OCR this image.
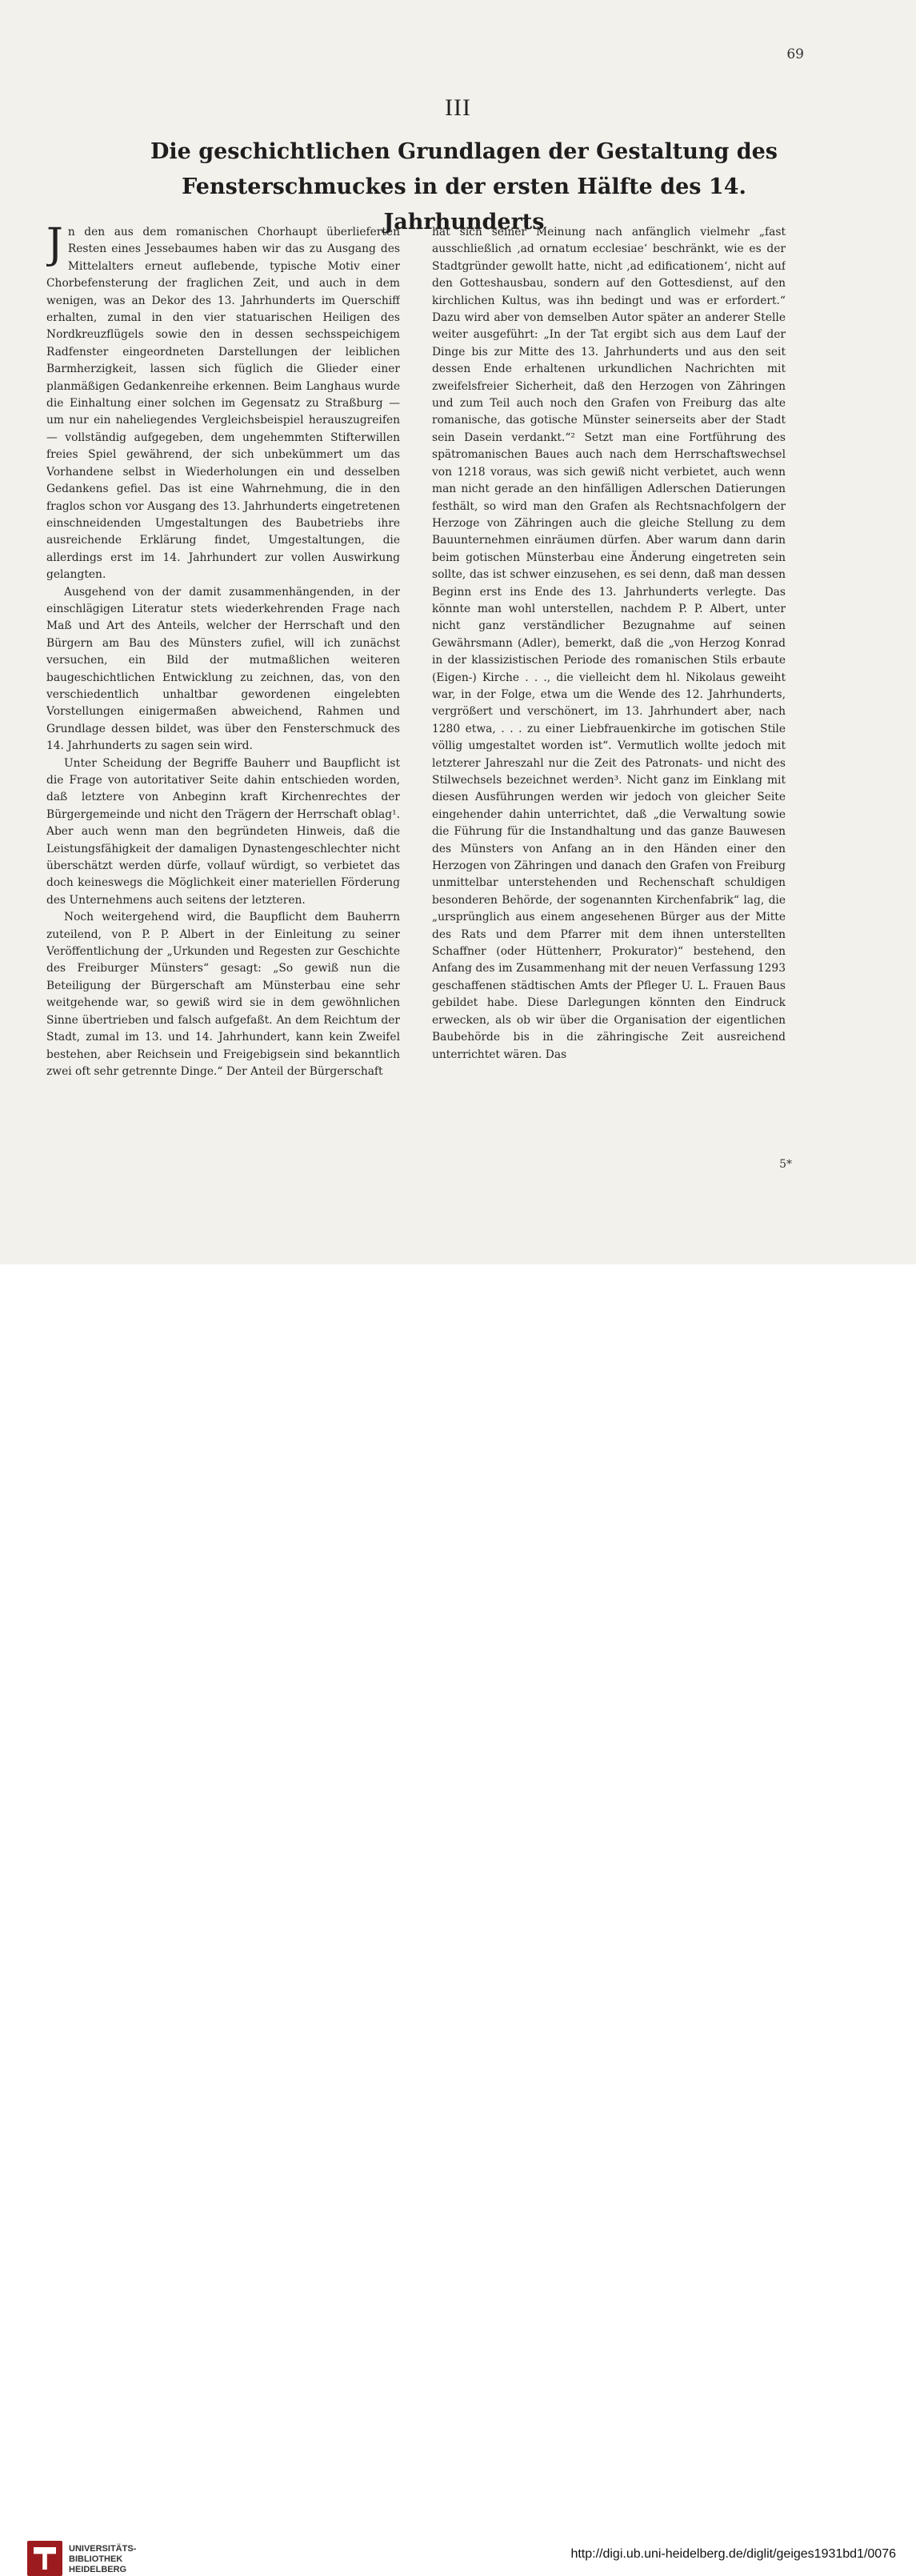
69
III
Die geschichtlichen Grundlagen der Gestaltung des Fensterschmuckes in der ersten Hälfte des 14. Jahrhunderts

Jn den aus dem romanischen Chorhaupt überlieferten Resten eines Jessebaumes haben wir das zu Ausgang des Mittelalters erneut auflebende, typische Motiv einer Chorbefensterung der fraglichen Zeit, und auch in dem wenigen, was an Dekor des 13. Jahrhunderts im Querschiff erhalten, zumal in den vier statuarischen Heiligen des Nordkreuzflügels sowie den in dessen sechsspeichigem Radfenster eingeordneten Darstellungen der leiblichen Barmherzigkeit, lassen sich füglich die Glieder einer planmäßigen Gedankenreihe erkennen. Beim Langhaus wurde die Einhaltung einer solchen im Gegensatz zu Straßburg — um nur ein naheliegendes Vergleichsbeispiel herauszugreifen — vollständig aufgegeben, dem ungehemmten Stifterwillen freies Spiel gewährend, der sich unbekümmert um das Vorhandene selbst in Wiederholungen ein und desselben Gedankens gefiel. Das ist eine Wahrnehmung, die in den fraglos schon vor Ausgang des 13. Jahrhunderts eingetretenen einschneidenden Umgestaltungen des Baubetriebs ihre ausreichende Erklärung findet, Umgestaltungen, die allerdings erst im 14. Jahrhundert zur vollen Auswirkung gelangten.

Ausgehend von der damit zusammenhängenden, in der einschlägigen Literatur stets wiederkehrenden Frage nach Maß und Art des Anteils, welcher der Herrschaft und den Bürgern am Bau des Münsters zufiel, will ich zunächst versuchen, ein Bild der mutmaßlichen weiteren baugeschichtlichen Entwicklung zu zeichnen, das, von den verschiedentlich unhaltbar gewordenen eingelebten Vorstellungen einigermaßen abweichend, Rahmen und Grundlage dessen bildet, was über den Fensterschmuck des 14. Jahrhunderts zu sagen sein wird.

Unter Scheidung der Begriffe Bauherr und Baupflicht ist die Frage von autoritativer Seite dahin entschieden worden, daß letztere von Anbeginn kraft Kirchenrechtes der Bürgergemeinde und nicht den Trägern der Herrschaft oblag¹. Aber auch wenn man den begründeten Hinweis, daß die Leistungsfähigkeit der damaligen Dynastengeschlechter nicht überschätzt werden dürfe, vollauf würdigt, so verbietet das doch keineswegs die Möglichkeit einer materiellen Förderung des Unternehmens auch seitens der letzteren.

Noch weitergehend wird, die Baupflicht dem Bauherrn zuteilend, von P. P. Albert in der Einleitung zu seiner Veröffentlichung der „Urkunden und Regesten zur Geschichte des Freiburger Münsters“ gesagt: „So gewiß nun die Beteiligung der Bürgerschaft am Münsterbau eine sehr weitgehende war, so gewiß wird sie in dem gewöhnlichen Sinne übertrieben und falsch aufgefaßt. An dem Reichtum der Stadt, zumal im 13. und 14. Jahrhundert, kann kein Zweifel bestehen, aber Reichsein und Freigebigsein sind bekanntlich zwei oft sehr getrennte Dinge.“ Der Anteil der Bürgerschaft

hat sich seiner Meinung nach anfänglich vielmehr „fast ausschließlich ‚ad ornatum ecclesiae‘ beschränkt, wie es der Stadtgründer gewollt hatte, nicht ‚ad edificationem‘, nicht auf den Gotteshausbau, sondern auf den Gottesdienst, auf den kirchlichen Kultus, was ihn bedingt und was er erfordert.“ Dazu wird aber von demselben Autor später an anderer Stelle weiter ausgeführt: „In der Tat ergibt sich aus dem Lauf der Dinge bis zur Mitte des 13. Jahrhunderts und aus den seit dessen Ende erhaltenen urkundlichen Nachrichten mit zweifelsfreier Sicherheit, daß den Herzogen von Zähringen und zum Teil auch noch den Grafen von Freiburg das alte romanische, das gotische Münster seinerseits aber der Stadt sein Dasein verdankt.“² Setzt man eine Fortführung des spätromanischen Baues auch nach dem Herrschaftswechsel von 1218 voraus, was sich gewiß nicht verbietet, auch wenn man nicht gerade an den hinfälligen Adlerschen Datierungen festhält, so wird man den Grafen als Rechtsnachfolgern der Herzoge von Zähringen auch die gleiche Stellung zu dem Bauunternehmen einräumen dürfen. Aber warum dann darin beim gotischen Münsterbau eine Änderung eingetreten sein sollte, das ist schwer einzusehen, es sei denn, daß man dessen Beginn erst ins Ende des 13. Jahrhunderts verlegte. Das könnte man wohl unterstellen, nachdem P. P. Albert, unter nicht ganz verständlicher Bezugnahme auf seinen Gewährsmann (Adler), bemerkt, daß die „von Herzog Konrad in der klassizistischen Periode des romanischen Stils erbaute (Eigen-) Kirche . . ., die vielleicht dem hl. Nikolaus geweiht war, in der Folge, etwa um die Wende des 12. Jahrhunderts, vergrößert und verschönert, im 13. Jahrhundert aber, nach 1280 etwa, . . . zu einer Liebfrauenkirche im gotischen Stile völlig umgestaltet worden ist“. Vermutlich wollte jedoch mit letzterer Jahreszahl nur die Zeit des Patronats- und nicht des Stilwechsels bezeichnet werden³. Nicht ganz im Einklang mit diesen Ausführungen werden wir jedoch von gleicher Seite eingehender dahin unterrichtet, daß „die Verwaltung sowie die Führung für die Instandhaltung und das ganze Bauwesen des Münsters von Anfang an in den Händen einer den Herzogen von Zähringen und danach den Grafen von Freiburg unmittelbar unterstehenden und Rechenschaft schuldigen besonderen Behörde, der sogenannten Kirchenfabrik“ lag, die „ursprünglich aus einem angesehenen Bürger aus der Mitte des Rats und dem Pfarrer mit dem ihnen unterstellten Schaffner (oder Hüttenherr, Prokurator)“ bestehend, den Anfang des im Zusammenhang mit der neuen Verfassung 1293 geschaffenen städtischen Amts der Pfleger U. L. Frauen Baus gebildet habe. Diese Darlegungen könnten den Eindruck erwecken, als ob wir über die Organisation der eigentlichen Baubehörde bis in die zähringische Zeit ausreichend unterrichtet wären. Das

5*
UNIVERSITÄTS-
BIBLIOTHEK
HEIDELBERG
http://digi.ub.uni-heidelberg.de/diglit/geiges1931bd1/0076
